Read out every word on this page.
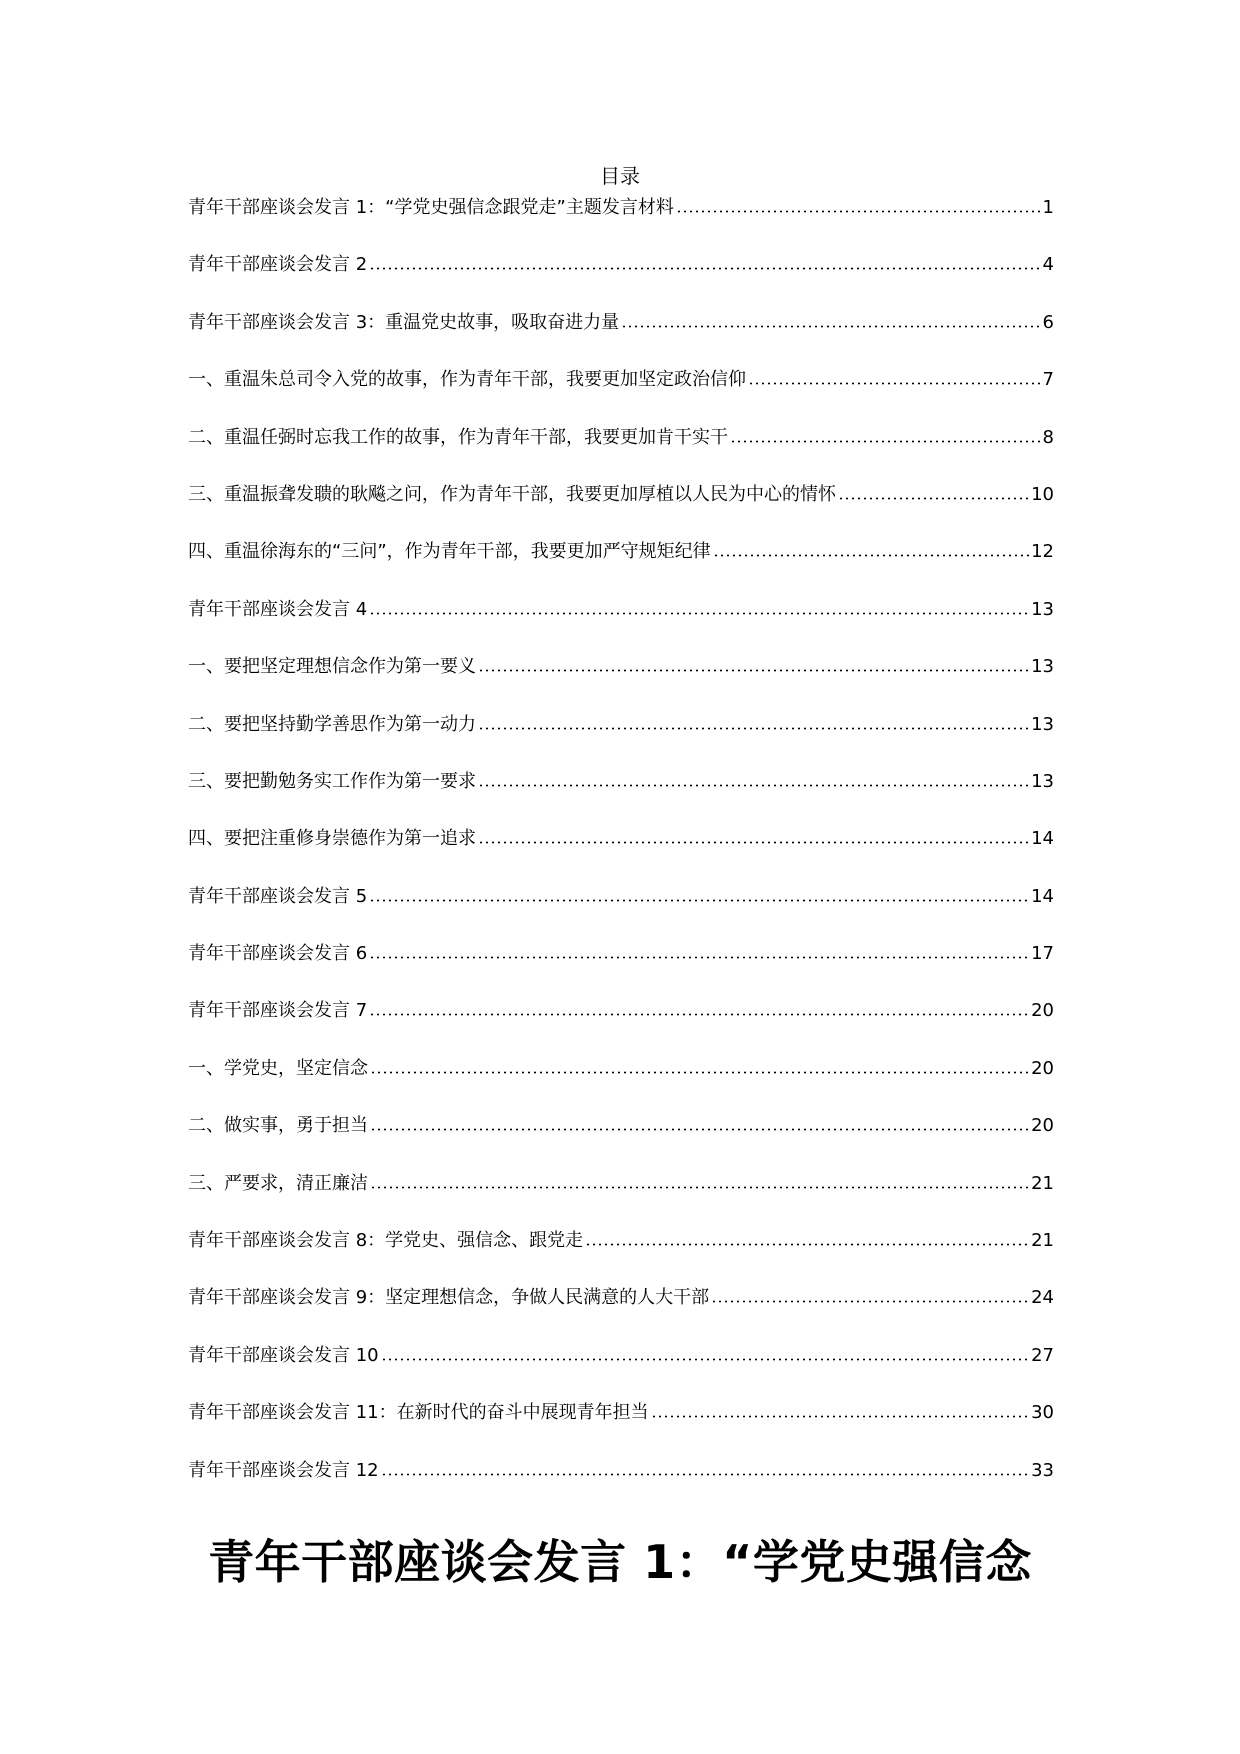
目录
青年干部座谈会发言 1：“学党史强信念跟党走”主题发言材料	1
青年干部座谈会发言 2	4
青年干部座谈会发言 3：重温党史故事，吸取奋进力量	6
一、重温朱总司令入党的故事，作为青年干部，我要更加坚定政治信仰	7
二、重温任弼时忘我工作的故事，作为青年干部，我要更加肯干实干	8
三、重温振聋发聩的耿飚之问，作为青年干部，我要更加厚植以人民为中心的情怀	10
四、重温徐海东的“三问”，作为青年干部，我要更加严守规矩纪律	12
青年干部座谈会发言 4	13
一、要把坚定理想信念作为第一要义	13
二、要把坚持勤学善思作为第一动力	13
三、要把勤勉务实工作作为第一要求	13
四、要把注重修身崇德作为第一追求	14
青年干部座谈会发言 5	14
青年干部座谈会发言 6	17
青年干部座谈会发言 7	20
一、学党史，坚定信念	20
二、做实事，勇于担当	20
三、严要求，清正廉洁	21
青年干部座谈会发言 8：学党史、强信念、跟党走	21
青年干部座谈会发言 9：坚定理想信念，争做人民满意的人大干部	24
青年干部座谈会发言 10	27
青年干部座谈会发言 11：在新时代的奋斗中展现青年担当	30
青年干部座谈会发言 12	33
青年干部座谈会发言 1：“学党史强信念
